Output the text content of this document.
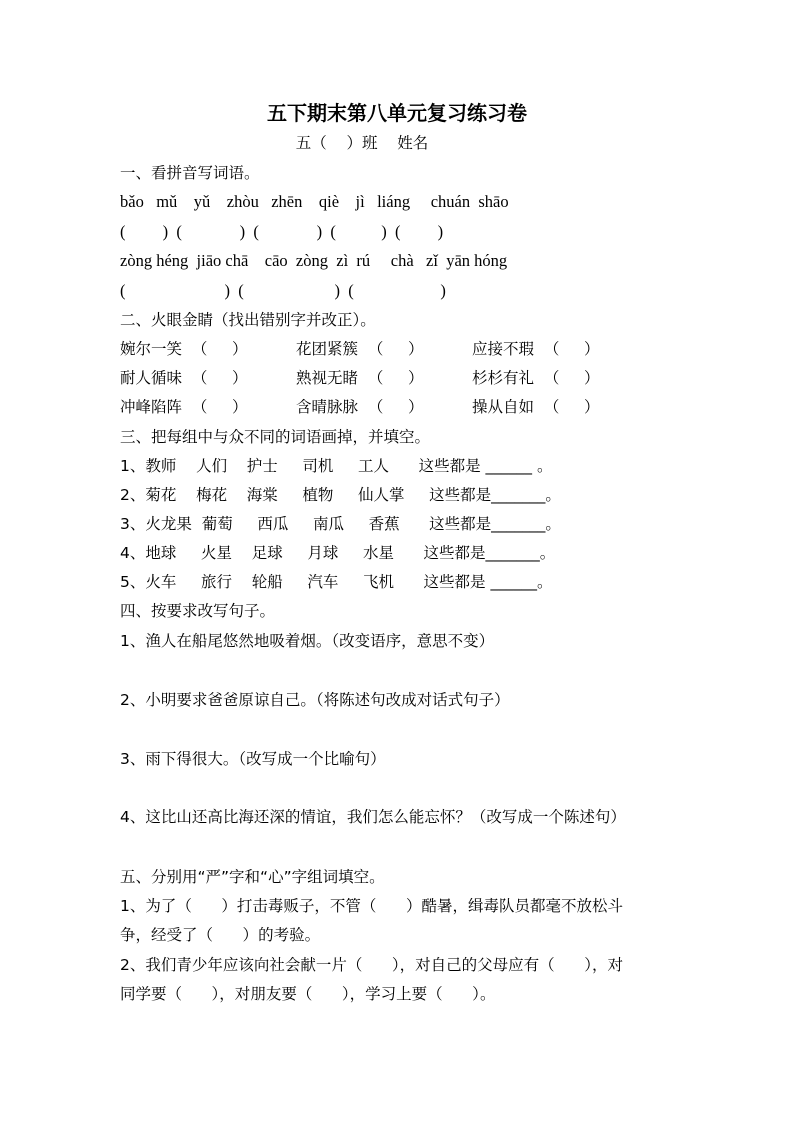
五下期末第八单元复习练习卷
五（    ）班    姓名
一、看拼音写词语。
bǎo   mǔ    yǔ    zhòu   zhēn    qiè    jì   liáng     chuán  shāo
(         )  (              )  (              )  (           )  (         )
zòng héng  jiāo chā    cāo  zòng  zì  rú     chà   zǐ  yān hóng
(                        )  (                      )  (                     )
二、火眼金睛（找出错别字并改正）。
婉尔一笑  （     ）	花团紧簇  （     ）	应接不瑕  （     ）
耐人循味  （     ）	熟视无睹  （     ）	杉杉有礼  （     ）
冲峰陷阵  （     ）	含晴脉脉  （     ）	操从自如  （     ）
三、把每组中与众不同的词语画掉，并填空。
1、教师    人们    护士     司机     工人      这些都是 ______ 。
2、菊花    梅花    海棠     植物     仙人掌     这些都是_______。
3、火龙果  葡萄     西瓜     南瓜     香蕉      这些都是_______。
4、地球     火星    足球     月球     水星      这些都是_______。
5、火车     旅行    轮船     汽车     飞机      这些都是 ______。
四、按要求改写句子。
1、渔人在船尾悠然地吸着烟。（改变语序，意思不变）
2、小明要求爸爸原谅自己。（将陈述句改成对话式句子）
3、雨下得很大。（改写成一个比喻句）
4、这比山还高比海还深的情谊，我们怎么能忘怀？（改写成一个陈述句）
五、分别用“严”字和“心”字组词填空。
1、为了（      ）打击毒贩子，不管（      ）酷暑，缉毒队员都毫不放松斗
争，经受了（      ）的考验。
2、我们青少年应该向社会献一片（      ），对自己的父母应有（      ），对
同学要（      ），对朋友要（      ），学习上要（      ）。
